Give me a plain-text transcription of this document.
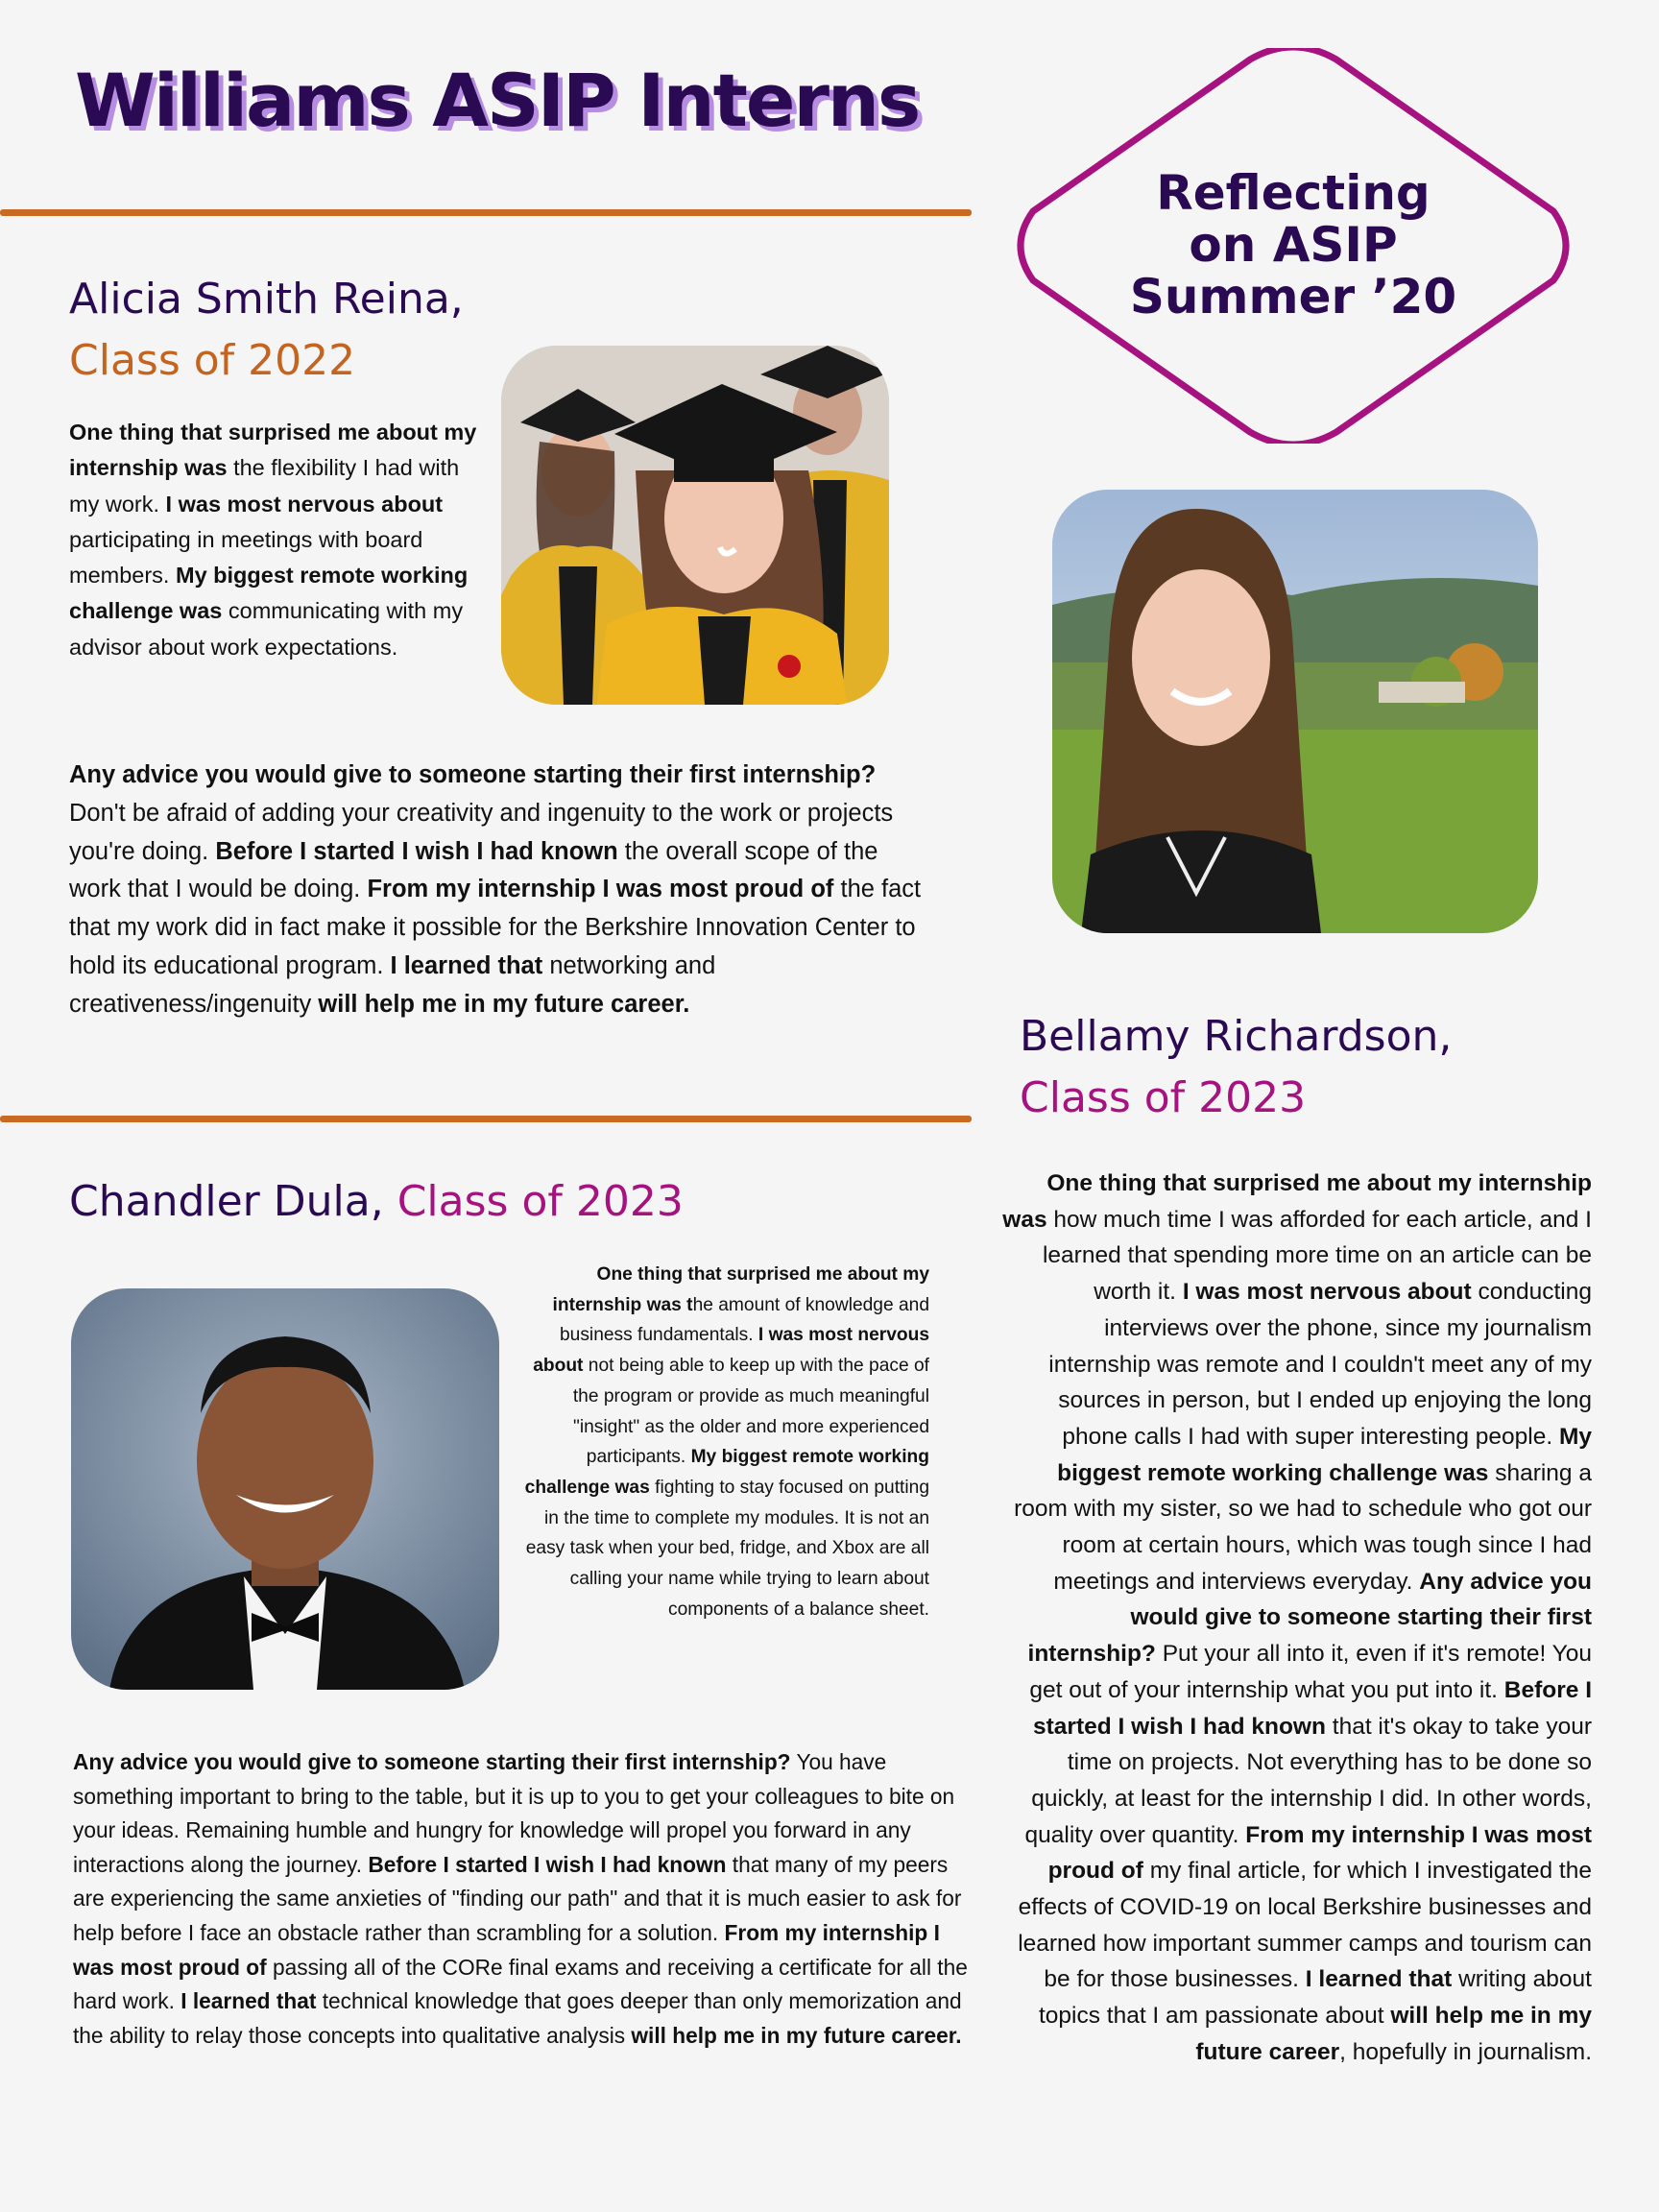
Williams ASIP Interns
Reflecting
on ASIP
Summer ’20

Alicia Smith Reina,

Class of 2022

One thing that surprised me about my internship was the flexibility I had with my work. I was most nervous about participating in meetings with board members. My biggest remote working challenge was communicating with my advisor about work expectations.

Any advice you would give to someone starting their first internship? Don't be afraid of adding your creativity and ingenuity to the work or projects you're doing. Before I started I wish I had known the overall scope of the work that I would be doing. From my internship I was most proud of the fact that my work did in fact make it possible for the Berkshire Innovation Center to hold its educational program. I learned that networking and creativeness/ingenuity will help me in my future career.

Bellamy Richardson,

Class of 2023

One thing that surprised me about my internship was how much time I was afforded for each article, and I learned that spending more time on an article can be worth it. I was most nervous about conducting interviews over the phone, since my journalism internship was remote and I couldn't meet any of my sources in person, but I ended up enjoying the long phone calls I had with super interesting people. My biggest remote working challenge was sharing a room with my sister, so we had to schedule who got our room at certain hours, which was tough since I had meetings and interviews everyday. Any advice you would give to someone starting their first internship? Put your all into it, even if it's remote! You get out of your internship what you put into it. Before I started I wish I had known that it's okay to take your time on projects. Not everything has to be done so quickly, at least for the internship I did. In other words, quality over quantity. From my internship I was most proud of my final article, for which I investigated the effects of COVID-19 on local Berkshire businesses and learned how important summer camps and tourism can be for those businesses. I learned that writing about topics that I am passionate about will help me in my future career, hopefully in journalism.

Chandler Dula, Class of 2023

One thing that surprised me about my internship was the amount of knowledge and business fundamentals. I was most nervous about not being able to keep up with the pace of the program or provide as much meaningful "insight" as the older and more experienced participants. My biggest remote working challenge was fighting to stay focused on putting in the time to complete my modules. It is not an easy task when your bed, fridge, and Xbox are all calling your name while trying to learn about components of a balance sheet.

Any advice you would give to someone starting their first internship? You have something important to bring to the table, but it is up to you to get your colleagues to bite on your ideas. Remaining humble and hungry for knowledge will propel you forward in any interactions along the journey. Before I started I wish I had known that many of my peers are experiencing the same anxieties of "finding our path" and that it is much easier to ask for help before I face an obstacle rather than scrambling for a solution. From my internship I was most proud of passing all of the CORe final exams and receiving a certificate for all the hard work. I learned that technical knowledge that goes deeper than only memorization and the ability to relay those concepts into qualitative analysis will help me in my future career.
